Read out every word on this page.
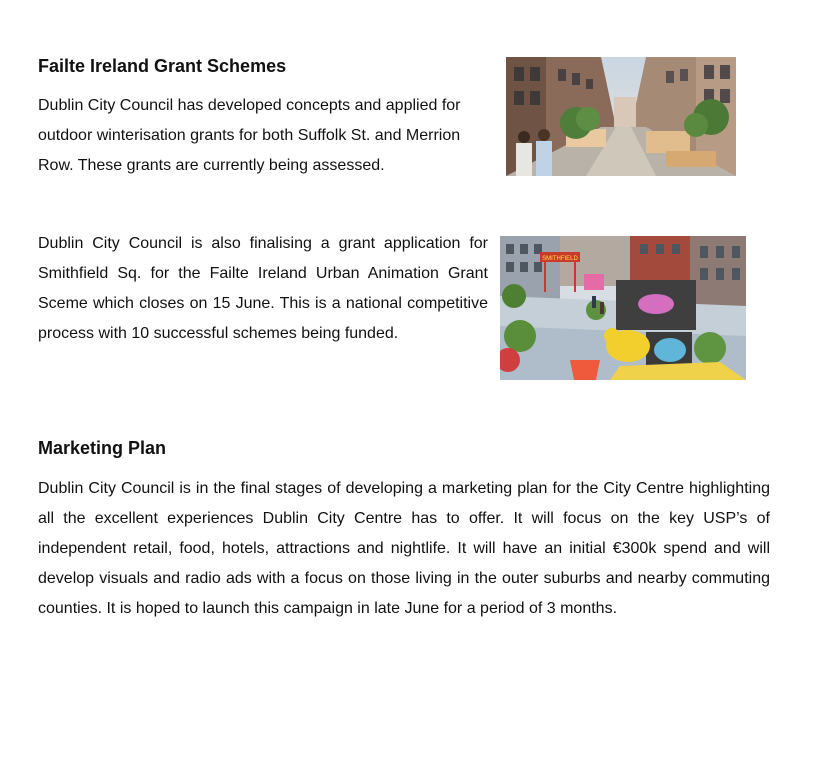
Failte Ireland Grant Schemes

Dublin City Council has developed concepts and applied for outdoor winterisation grants for both Suffolk St. and Merrion Row. These grants are currently being assessed.

Dublin City Council is also finalising a grant application for Smithfield Sq. for the Failte Ireland Urban Animation Grant Sceme which closes on 15 June. This is a national competitive process with 10 successful schemes being funded.

SMITHFIELD
Marketing Plan

Dublin City Council is in the final stages of developing a marketing plan for the City Centre highlighting all the excellent experiences Dublin City Centre has to offer. It will focus on the key USP’s of independent retail, food, hotels, attractions and nightlife. It will have an initial €300k spend and will develop visuals and radio ads with a focus on those living in the outer suburbs and nearby commuting counties. It is hoped to launch this campaign in late June for a period of 3 months.
